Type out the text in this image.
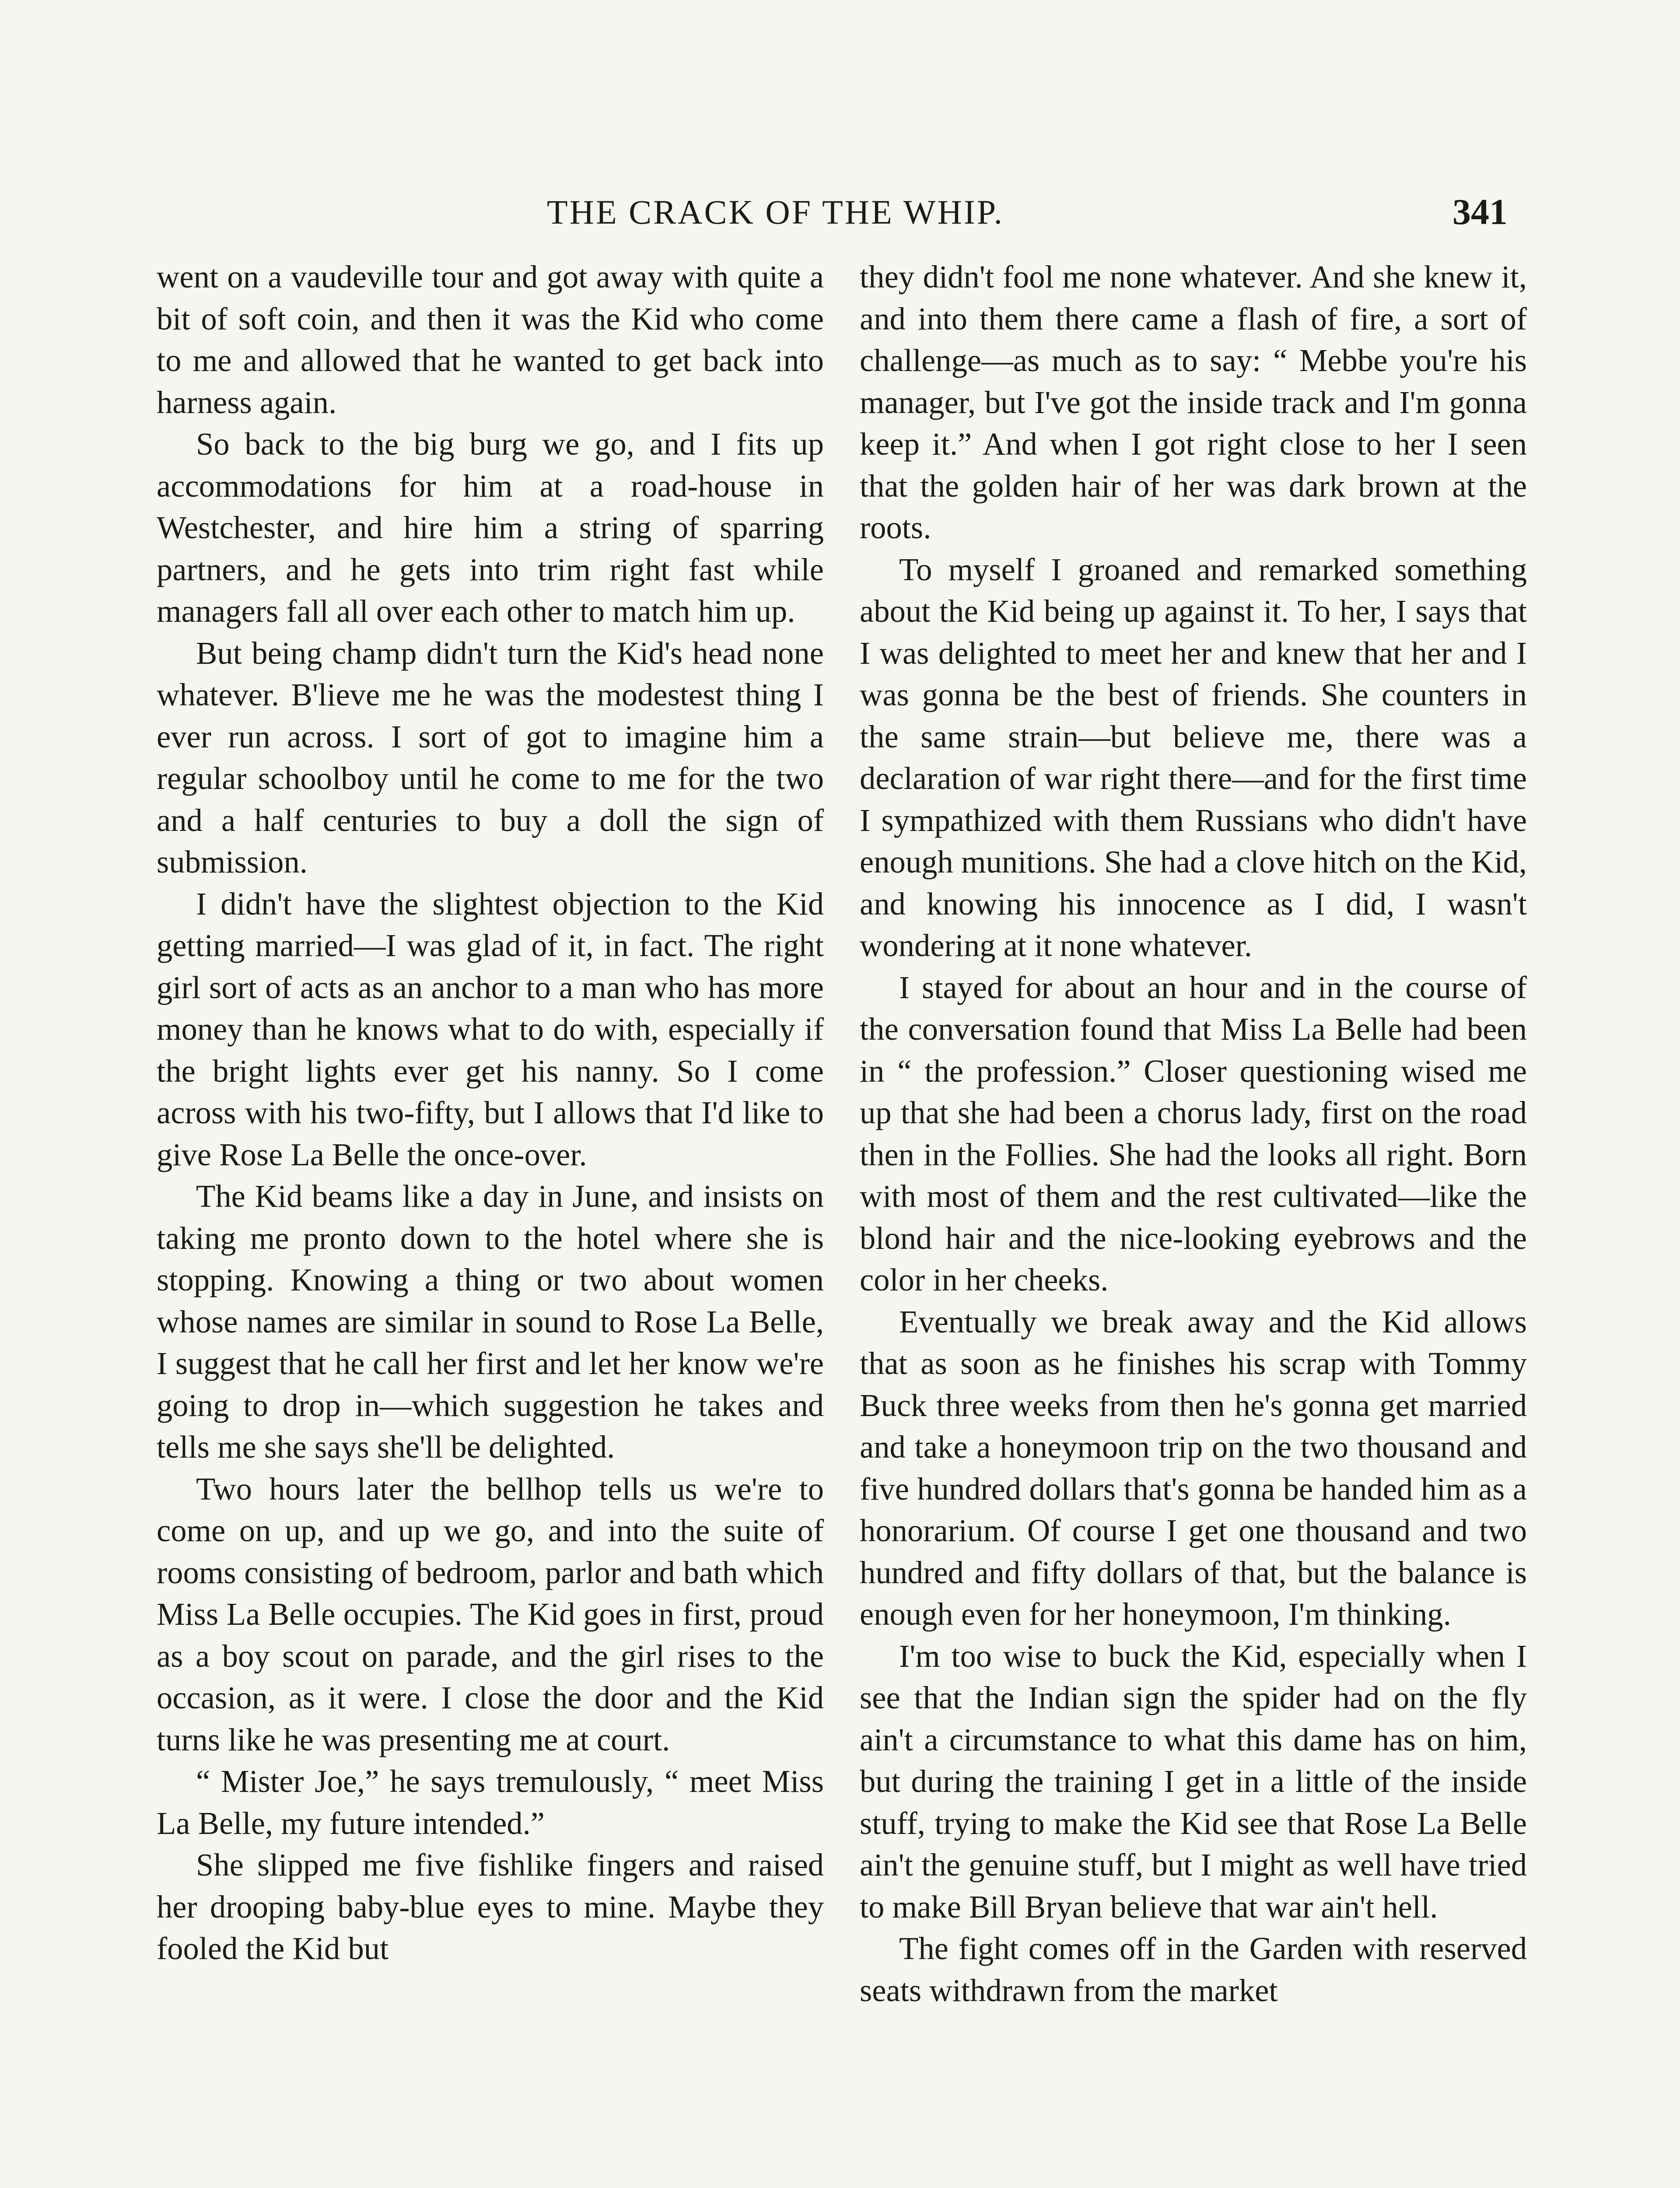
THE CRACK OF THE WHIP.	341

went on a vaudeville tour and got away with quite a bit of soft coin, and then it was the Kid who come to me and allowed that he wanted to get back into harness again.

So back to the big burg we go, and I fits up accommodations for him at a road-house in Westchester, and hire him a string of sparring partners, and he gets into trim right fast while managers fall all over each other to match him up.

But being champ didn't turn the Kid's head none whatever. B'lieve me he was the modestest thing I ever run across. I sort of got to imagine him a regular schoolboy until he come to me for the two and a half centuries to buy a doll the sign of submission.

I didn't have the slightest objection to the Kid getting married—I was glad of it, in fact. The right girl sort of acts as an anchor to a man who has more money than he knows what to do with, especially if the bright lights ever get his nanny. So I come across with his two-fifty, but I allows that I'd like to give Rose La Belle the once-over.

The Kid beams like a day in June, and insists on taking me pronto down to the hotel where she is stopping. Knowing a thing or two about women whose names are similar in sound to Rose La Belle, I suggest that he call her first and let her know we're going to drop in—which suggestion he takes and tells me she says she'll be delighted.

Two hours later the bellhop tells us we're to come on up, and up we go, and into the suite of rooms consisting of bedroom, parlor and bath which Miss La Belle occupies. The Kid goes in first, proud as a boy scout on parade, and the girl rises to the occasion, as it were. I close the door and the Kid turns like he was presenting me at court.

“ Mister Joe,” he says tremulously, “ meet Miss La Belle, my future intended.”

She slipped me five fishlike fingers and raised her drooping baby-blue eyes to mine. Maybe they fooled the Kid but

they didn't fool me none whatever. And she knew it, and into them there came a flash of fire, a sort of challenge—as much as to say: “ Mebbe you're his manager, but I've got the inside track and I'm gonna keep it.” And when I got right close to her I seen that the golden hair of her was dark brown at the roots.

To myself I groaned and remarked something about the Kid being up against it. To her, I says that I was delighted to meet her and knew that her and I was gonna be the best of friends. She counters in the same strain—but believe me, there was a declaration of war right there—and for the first time I sympathized with them Russians who didn't have enough munitions. She had a clove hitch on the Kid, and knowing his innocence as I did, I wasn't wondering at it none whatever.

I stayed for about an hour and in the course of the conversation found that Miss La Belle had been in “ the profession.” Closer questioning wised me up that she had been a chorus lady, first on the road then in the Follies. She had the looks all right. Born with most of them and the rest cultivated—like the blond hair and the nice-looking eyebrows and the color in her cheeks.

Eventually we break away and the Kid allows that as soon as he finishes his scrap with Tommy Buck three weeks from then he's gonna get married and take a honeymoon trip on the two thousand and five hundred dollars that's gonna be handed him as a honorarium. Of course I get one thousand and two hundred and fifty dollars of that, but the balance is enough even for her honeymoon, I'm thinking.

I'm too wise to buck the Kid, especially when I see that the Indian sign the spider had on the fly ain't a circumstance to what this dame has on him, but during the training I get in a little of the inside stuff, trying to make the Kid see that Rose La Belle ain't the genuine stuff, but I might as well have tried to make Bill Bryan believe that war ain't hell.

The fight comes off in the Garden with reserved seats withdrawn from the market
